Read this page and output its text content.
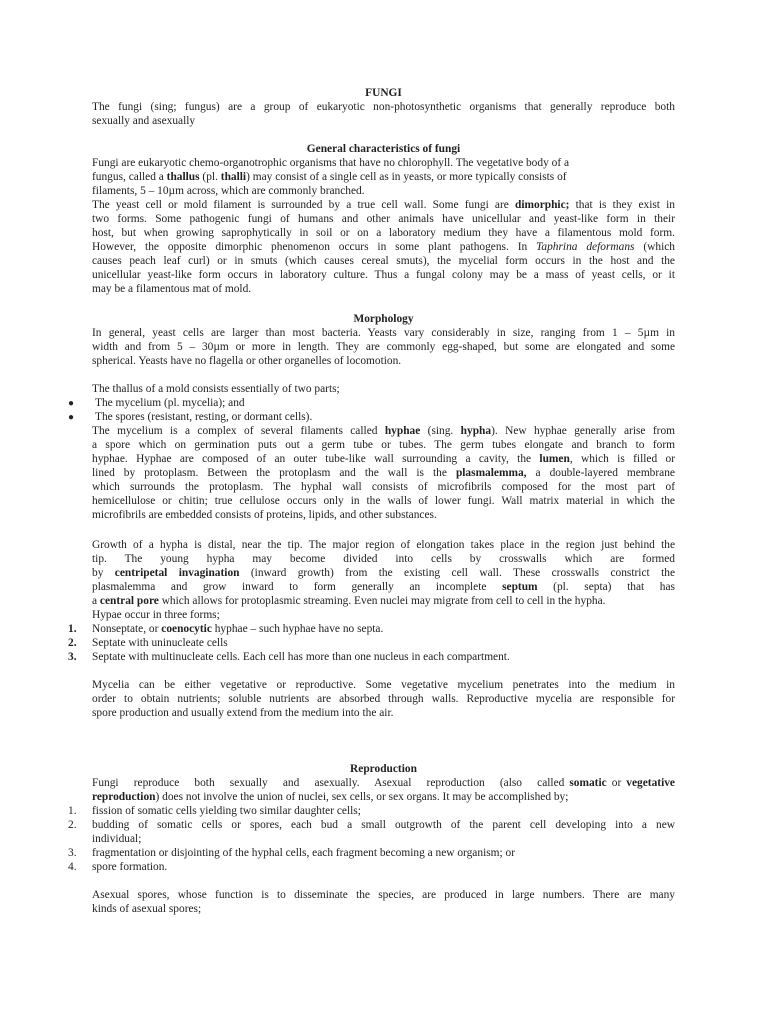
FUNGI
The fungi (sing; fungus) are a group of eukaryotic non-photosynthetic organisms that generally reproduce both
sexually and asexually
General characteristics of fungi
Fungi are eukaryotic chemo-organotrophic organisms that have no chlorophyll. The vegetative body of a
fungus, called a thallus (pl. thalli) may consist of a single cell as in yeasts, or more typically consists of
filaments, 5 – 10µm across, which are commonly branched.
The yeast cell or mold filament is surrounded by a true cell wall. Some fungi are dimorphic; that is they exist in
two forms. Some pathogenic fungi of humans and other animals have unicellular and yeast-like form in their
host, but when growing saprophytically in soil or on a laboratory medium they have a filamentous mold form.
However, the opposite dimorphic phenomenon occurs in some plant pathogens. In Taphrina deformans (which
causes peach leaf curl) or in smuts (which causes cereal smuts), the mycelial form occurs in the host and the
unicellular yeast-like form occurs in laboratory culture. Thus a fungal colony may be a mass of yeast cells, or it
may be a filamentous mat of mold.
Morphology
In general, yeast cells are larger than most bacteria. Yeasts vary considerably in size, ranging from 1 – 5µm in
width and from 5 – 30µm or more in length. They are commonly egg-shaped, but some are elongated and some
spherical. Yeasts have no flagella or other organelles of locomotion.
The thallus of a mold consists essentially of two parts;
● The mycelium (pl. mycelia); and
● The spores (resistant, resting, or dormant cells).
The mycelium is a complex of several filaments called hyphae (sing. hypha). New hyphae generally arise from
a spore which on germination puts out a germ tube or tubes. The germ tubes elongate and branch to form
hyphae. Hyphae are composed of an outer tube-like wall surrounding a cavity, the lumen, which is filled or
lined by protoplasm. Between the protoplasm and the wall is the plasmalemma, a double-layered membrane
which surrounds the protoplasm. The hyphal wall consists of microfibrils composed for the most part of
hemicellulose or chitin; true cellulose occurs only in the walls of lower fungi. Wall matrix material in which the
microfibrils are embedded consists of proteins, lipids, and other substances.
Growth of a hypha is distal, near the tip. The major region of elongation takes place in the region just behind the
tip. The young hypha may become divided into cells by crosswalls which are formed
by centripetal invagination (inward growth) from the existing cell wall. These crosswalls constrict the
plasmalemma and grow inward to form generally an incomplete septum (pl. septa) that has
a central pore which allows for protoplasmic streaming. Even nuclei may migrate from cell to cell in the hypha.
Hypae occur in three forms;
1. Nonseptate, or coenocytic hyphae – such hyphae have no septa.
2. Septate with uninucleate cells
3. Septate with multinucleate cells. Each cell has more than one nucleus in each compartment.
Mycelia can be either vegetative or reproductive. Some vegetative mycelium penetrates into the medium in
order to obtain nutrients; soluble nutrients are absorbed through walls. Reproductive mycelia are responsible for
spore production and usually extend from the medium into the air.
Reproduction
Fungi   reproduce   both   sexually   and   asexually.   Asexual   reproduction   (also   called somatic or vegetative
reproduction) does not involve the union of nuclei, sex cells, or sex organs. It may be accomplished by;
1. fission of somatic cells yielding two similar daughter cells;
2. budding of somatic cells or spores, each bud a small outgrowth of the parent cell developing into a new
individual;
3. fragmentation or disjointing of the hyphal cells, each fragment becoming a new organism; or
4. spore formation.
Asexual spores, whose function is to disseminate the species, are produced in large numbers. There are many
kinds of asexual spores;
